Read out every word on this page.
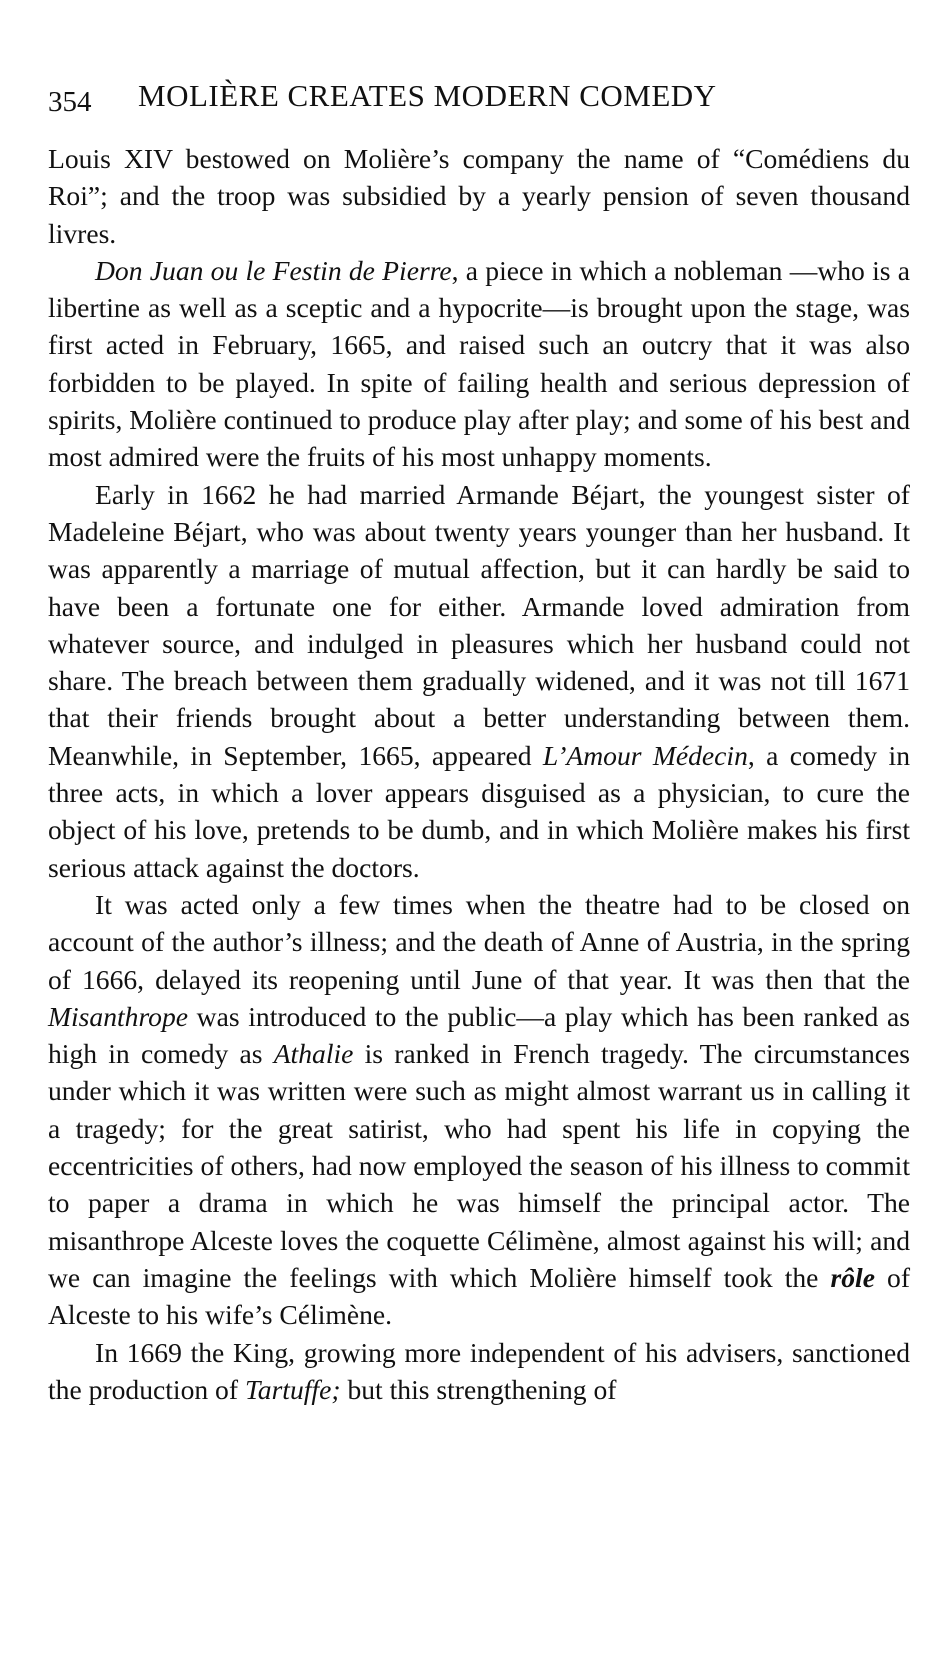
354 MOLIÈRE CREATES MODERN COMEDY

Louis XIV bestowed on Molière’s company the name of “Comédiens du Roi”; and the troop was subsidied by a yearly pension of seven thousand livres.

Don Juan ou le Festin de Pierre, a piece in which a nobleman —who is a libertine as well as a sceptic and a hypocrite—is brought upon the stage, was first acted in February, 1665, and raised such an outcry that it was also forbidden to be played. In spite of failing health and serious depression of spirits, Molière continued to produce play after play; and some of his best and most admired were the fruits of his most unhappy moments.

Early in 1662 he had married Armande Béjart, the youngest sister of Madeleine Béjart, who was about twenty years younger than her husband. It was apparently a marriage of mutual affection, but it can hardly be said to have been a fortunate one for either. Armande loved admiration from whatever source, and indulged in pleasures which her husband could not share. The breach between them gradually widened, and it was not till 1671 that their friends brought about a better understanding between them. Meanwhile, in September, 1665, appeared L’Amour Médecin, a comedy in three acts, in which a lover appears disguised as a physician, to cure the object of his love, pretends to be dumb, and in which Molière makes his first serious attack against the doctors.

It was acted only a few times when the theatre had to be closed on account of the author’s illness; and the death of Anne of Austria, in the spring of 1666, delayed its reopening until June of that year. It was then that the Misanthrope was introduced to the public—a play which has been ranked as high in comedy as Athalie is ranked in French tragedy. The circumstances under which it was written were such as might almost warrant us in calling it a tragedy; for the great satirist, who had spent his life in copying the eccentricities of others, had now employed the season of his illness to commit to paper a drama in which he was himself the principal actor. The misanthrope Alceste loves the coquette Célimène, almost against his will; and we can imagine the feelings with which Molière himself took the rôle of Alceste to his wife’s Célimène.

In 1669 the King, growing more independent of his advisers, sanctioned the production of Tartuffe; but this strengthening of
